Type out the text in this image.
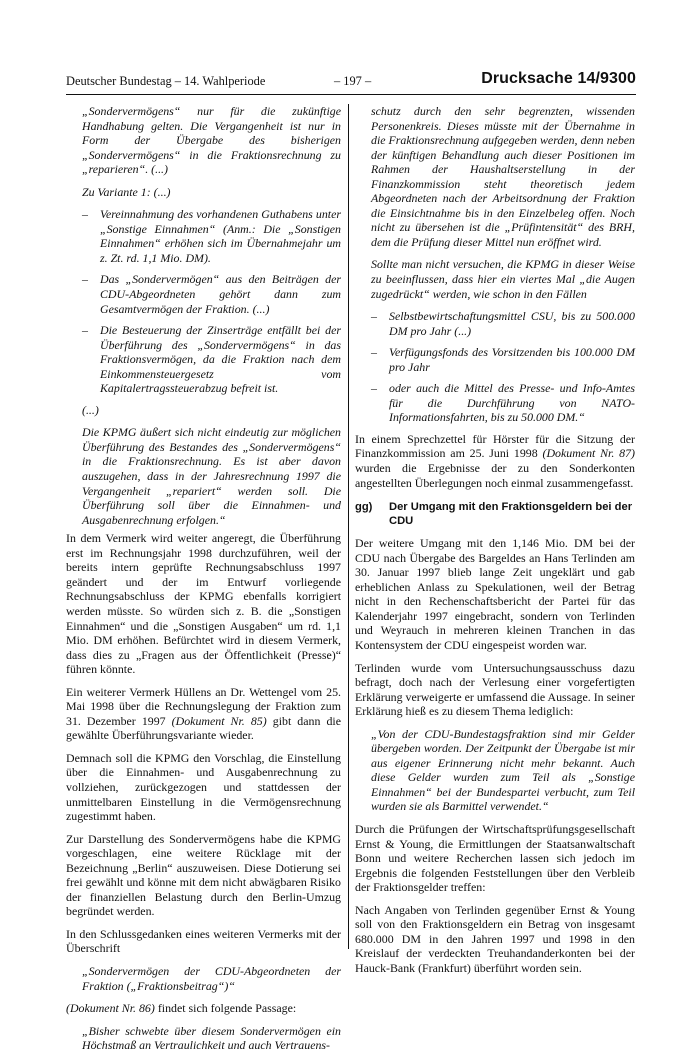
Deutscher Bundestag – 14. Wahlperiode	– 197 –	Drucksache 14/9300

„Sondervermögens“ nur für die zukünftige Handhabung gelten. Die Vergangenheit ist nur in Form der Übergabe des bisherigen „Sondervermögens“ in die Fraktionsrechnung zu „reparieren“. (...)

Zu Variante 1: (...)

– Vereinnahmung des vorhandenen Guthabens unter „Sonstige Einnahmen“ (Anm.: Die „Sonstigen Einnahmen“ erhöhen sich im Übernahmejahr um z. Zt. rd. 1,1 Mio. DM).

– Das „Sondervermögen“ aus den Beiträgen der CDU-Abgeordneten gehört dann zum Gesamtvermögen der Fraktion. (...)

– Die Besteuerung der Zinserträge entfällt bei der Überführung des „Sondervermögens“ in das Fraktionsvermögen, da die Fraktion nach dem Einkommensteuergesetz vom Kapitalertragssteuerabzug befreit ist.

(...)

Die KPMG äußert sich nicht eindeutig zur möglichen Überführung des Bestandes des „Sondervermögens“ in die Fraktionsrechnung. Es ist aber davon auszugehen, dass in der Jahresrechnung 1997 die Vergangenheit „repariert“ werden soll. Die Überführung soll über die Einnahmen- und Ausgabenrechnung erfolgen.“

In dem Vermerk wird weiter angeregt, die Überführung erst im Rechnungsjahr 1998 durchzuführen, weil der bereits intern geprüfte Rechnungsabschluss 1997 geändert und der im Entwurf vorliegende Rechnungsabschluss der KPMG ebenfalls korrigiert werden müsste. So würden sich z. B. die „Sonstigen Einnahmen“ und die „Sonstigen Ausgaben“ um rd. 1,1 Mio. DM erhöhen. Befürchtet wird in diesem Vermerk, dass dies zu „Fragen aus der Öffentlichkeit (Presse)“ führen könnte.

Ein weiterer Vermerk Hüllens an Dr. Wettengel vom 25. Mai 1998 über die Rechnungslegung der Fraktion zum 31. Dezember 1997 (Dokument Nr. 85) gibt dann die gewählte Überführungsvariante wieder.

Demnach soll die KPMG den Vorschlag, die Einstellung über die Einnahmen- und Ausgabenrechnung zu vollziehen, zurückgezogen und stattdessen der unmittelbaren Einstellung in die Vermögensrechnung zugestimmt haben.

Zur Darstellung des Sondervermögens habe die KPMG vorgeschlagen, eine weitere Rücklage mit der Bezeichnung „Berlin“ auszuweisen. Diese Dotierung sei frei gewählt und könne mit dem nicht abwägbaren Risiko der finanziellen Belastung durch den Berlin-Umzug begründet werden.

In den Schlussgedanken eines weiteren Vermerks mit der Überschrift

„Sondervermögen der CDU-Abgeordneten der Fraktion („Fraktionsbeitrag“)“

(Dokument Nr. 86) findet sich folgende Passage:

„Bisher schwebte über diesem Sondervermögen ein Höchstmaß an Vertraulichkeit und auch Vertrauens-

schutz durch den sehr begrenzten, wissenden Personenkreis. Dieses müsste mit der Übernahme in die Fraktionsrechnung aufgegeben werden, denn neben der künftigen Behandlung auch dieser Positionen im Rahmen der Haushaltserstellung in der Finanzkommission steht theoretisch jedem Abgeordneten nach der Arbeitsordnung der Fraktion die Einsichtnahme bis in den Einzelbeleg offen. Noch nicht zu übersehen ist die „Prüfintensität“ des BRH, dem die Prüfung dieser Mittel nun eröffnet wird.

Sollte man nicht versuchen, die KPMG in dieser Weise zu beeinflussen, dass hier ein viertes Mal „die Augen zugedrückt“ werden, wie schon in den Fällen

– Selbstbewirtschaftungsmittel CSU, bis zu 500.000 DM pro Jahr (...)

– Verfügungsfonds des Vorsitzenden bis 100.000 DM pro Jahr

– oder auch die Mittel des Presse- und Info-Amtes für die Durchführung von NATO-Informationsfahrten, bis zu 50.000 DM.“

In einem Sprechzettel für Hörster für die Sitzung der Finanzkommission am 25. Juni 1998 (Dokument Nr. 87) wurden die Ergebnisse der zu den Sonderkonten angestellten Überlegungen noch einmal zusammengefasst.

gg)	Der Umgang mit den Fraktionsgeldern bei der CDU

Der weitere Umgang mit den 1,146 Mio. DM bei der CDU nach Übergabe des Bargeldes an Hans Terlinden am 30. Januar 1997 blieb lange Zeit ungeklärt und gab erheblichen Anlass zu Spekulationen, weil der Betrag nicht in den Rechenschaftsbericht der Partei für das Kalenderjahr 1997 eingebracht, sondern von Terlinden und Weyrauch in mehreren kleinen Tranchen in das Kontensystem der CDU eingespeist worden war.

Terlinden wurde vom Untersuchungsausschuss dazu befragt, doch nach der Verlesung einer vorgefertigten Erklärung verweigerte er umfassend die Aussage. In seiner Erklärung hieß es zu diesem Thema lediglich:

„Von der CDU-Bundestagsfraktion sind mir Gelder übergeben worden. Der Zeitpunkt der Übergabe ist mir aus eigener Erinnerung nicht mehr bekannt. Auch diese Gelder wurden zum Teil als „Sonstige Einnahmen“ bei der Bundespartei verbucht, zum Teil wurden sie als Barmittel verwendet.“

Durch die Prüfungen der Wirtschaftsprüfungsgesellschaft Ernst & Young, die Ermittlungen der Staatsanwaltschaft Bonn und weitere Recherchen lassen sich jedoch im Ergebnis die folgenden Feststellungen über den Verbleib der Fraktionsgelder treffen:

Nach Angaben von Terlinden gegenüber Ernst & Young soll von den Fraktionsgeldern ein Betrag von insgesamt 680.000 DM in den Jahren 1997 und 1998 in den Kreislauf der verdeckten Treuhandanderkonten bei der Hauck-Bank (Frankfurt) überführt worden sein.
